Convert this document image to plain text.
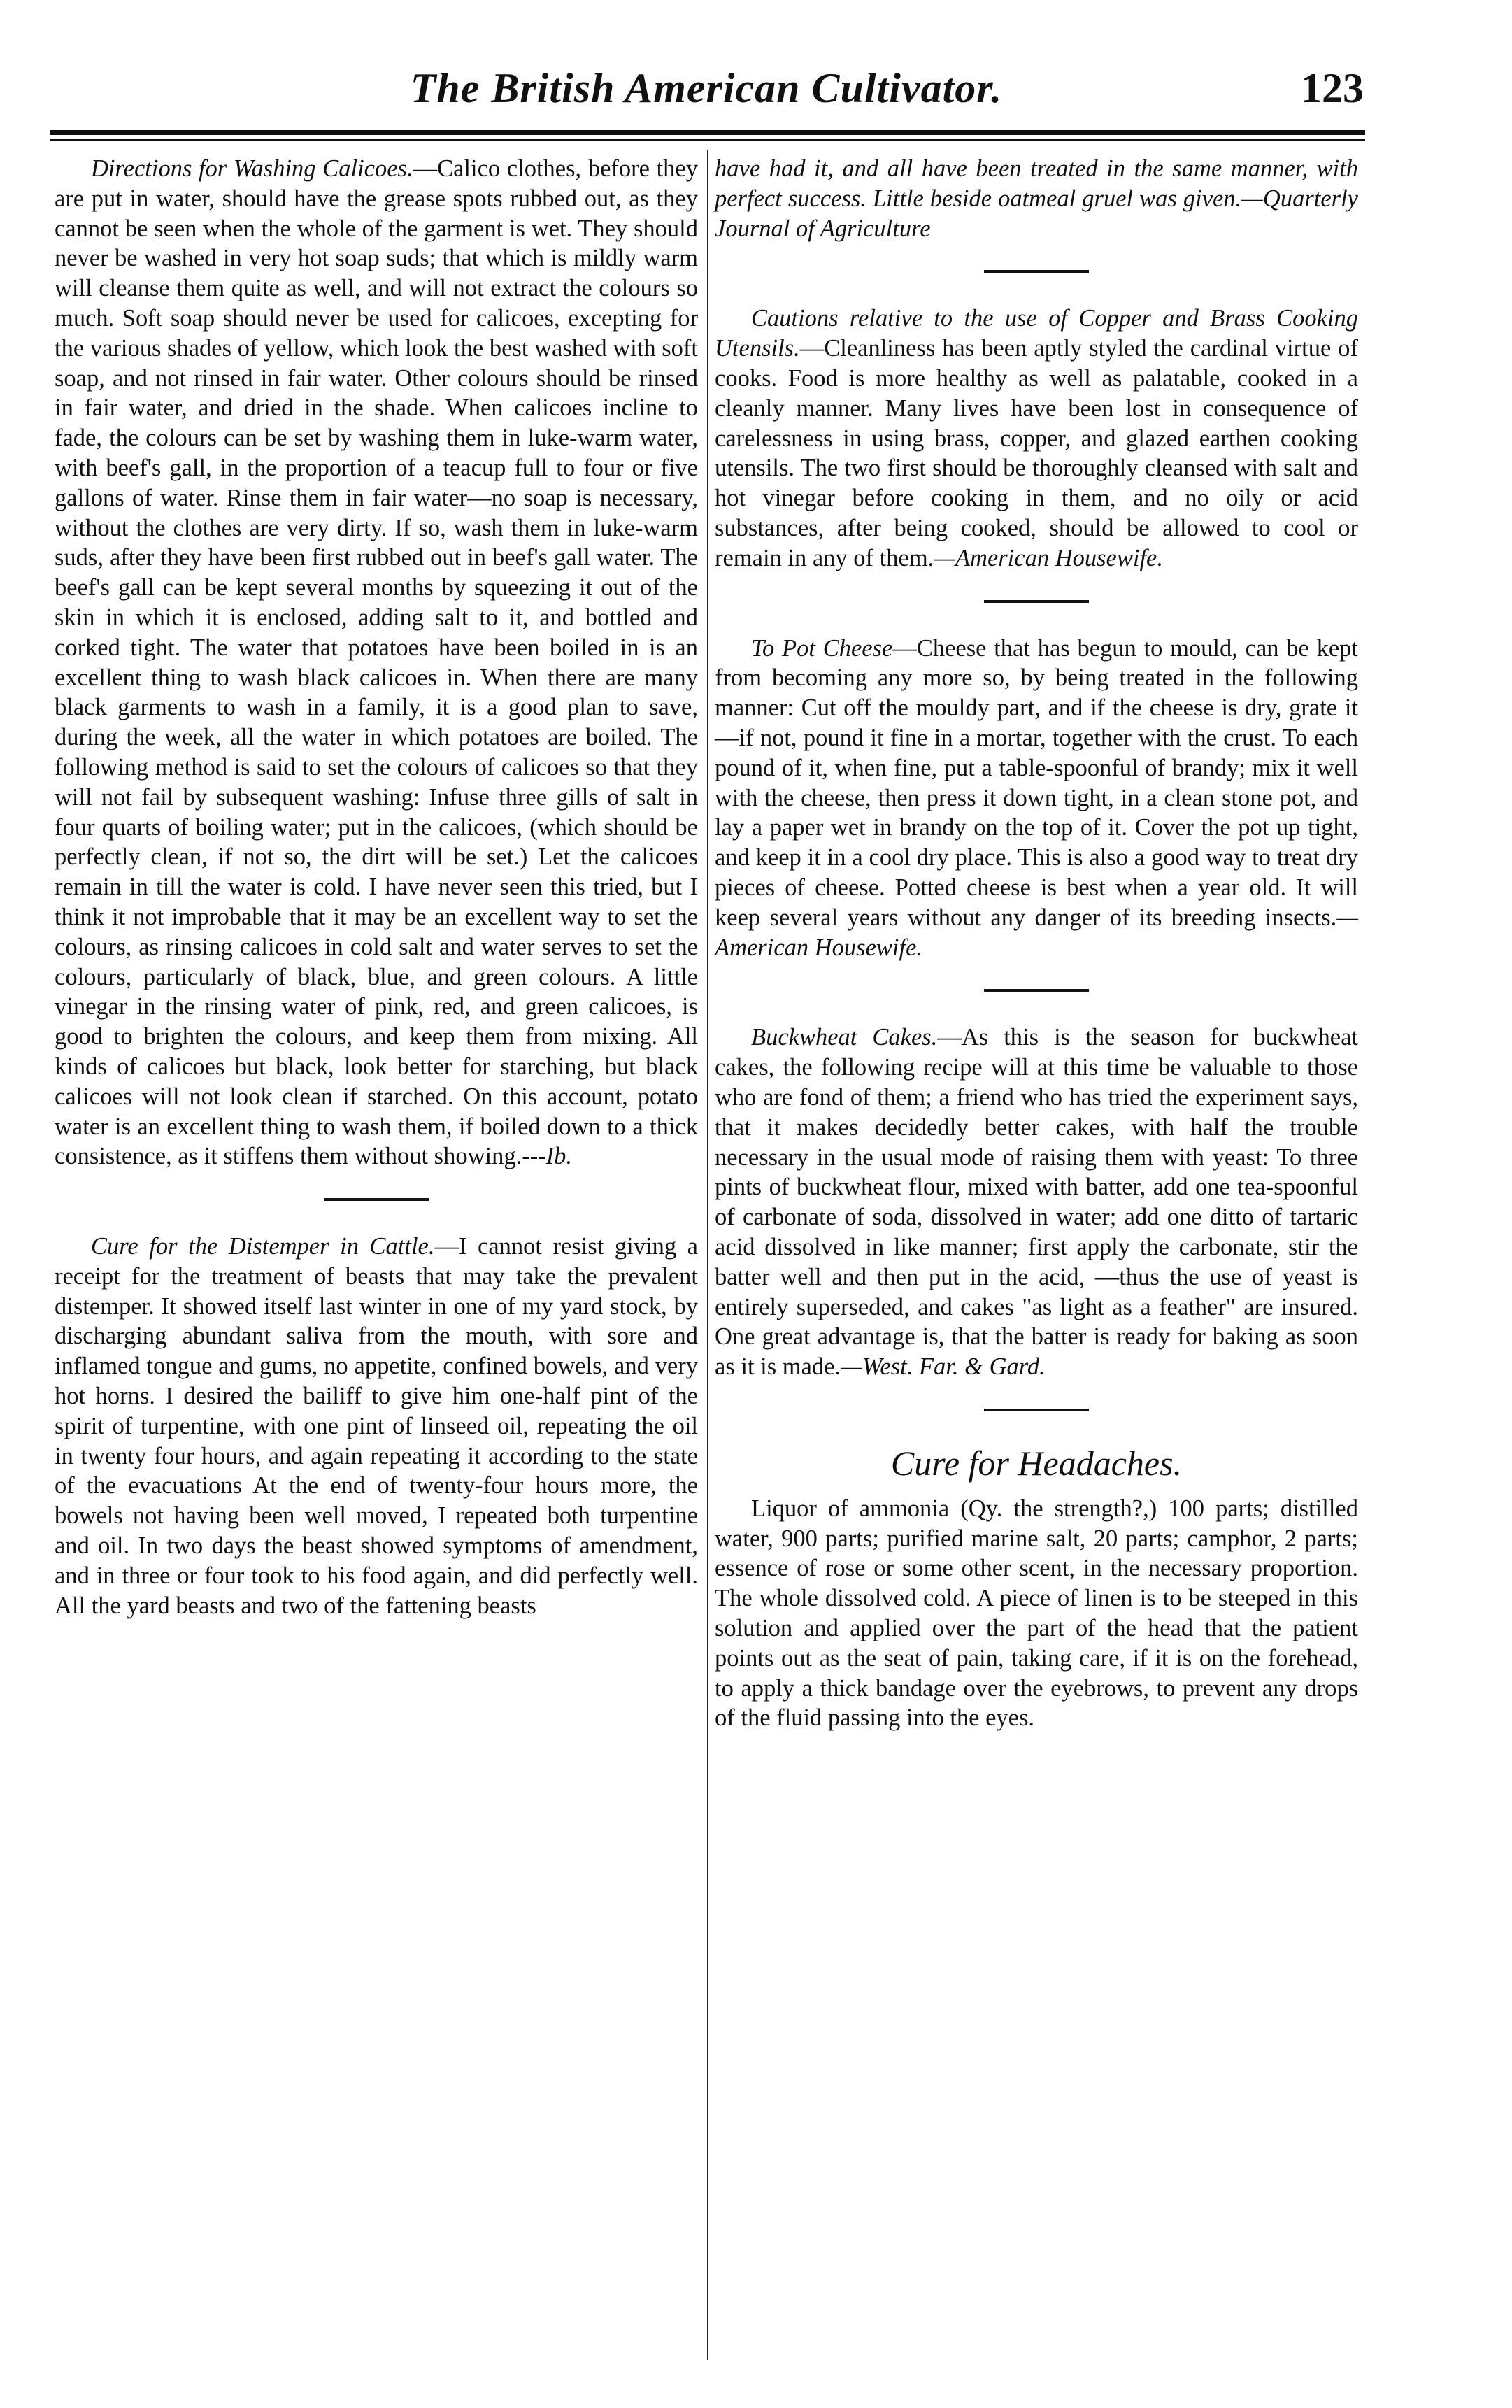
The British American Cultivator.	123

Directions for Washing Calicoes.—Calico clothes, before they are put in water, should have the grease spots rubbed out, as they cannot be seen when the whole of the garment is wet. They should never be washed in very hot soap suds; that which is mildly warm will cleanse them quite as well, and will not extract the colours so much. Soft soap should never be used for calicoes, excepting for the various shades of yellow, which look the best washed with soft soap, and not rinsed in fair water. Other colours should be rinsed in fair water, and dried in the shade. When calicoes incline to fade, the colours can be set by washing them in luke-warm water, with beef's gall, in the proportion of a teacup full to four or five gallons of water. Rinse them in fair water—no soap is necessary, without the clothes are very dirty. If so, wash them in luke-warm suds, after they have been first rubbed out in beef's gall water. The beef's gall can be kept several months by squeezing it out of the skin in which it is enclosed, adding salt to it, and bottled and corked tight. The water that potatoes have been boiled in is an excellent thing to wash black calicoes in. When there are many black garments to wash in a family, it is a good plan to save, during the week, all the water in which potatoes are boiled. The following method is said to set the colours of calicoes so that they will not fail by subsequent washing: Infuse three gills of salt in four quarts of boiling water; put in the calicoes, (which should be perfectly clean, if not so, the dirt will be set.) Let the calicoes remain in till the water is cold. I have never seen this tried, but I think it not improbable that it may be an excellent way to set the colours, as rinsing calicoes in cold salt and water serves to set the colours, particularly of black, blue, and green colours. A little vinegar in the rinsing water of pink, red, and green calicoes, is good to brighten the colours, and keep them from mixing. All kinds of calicoes but black, look better for starching, but black calicoes will not look clean if starched. On this account, potato water is an excellent thing to wash them, if boiled down to a thick consistence, as it stiffens them without showing.---Ib.

Cure for the Distemper in Cattle.—I cannot resist giving a receipt for the treatment of beasts that may take the prevalent distemper. It showed itself last winter in one of my yard stock, by discharging abundant saliva from the mouth, with sore and inflamed tongue and gums, no appetite, confined bowels, and very hot horns. I desired the bailiff to give him one-half pint of the spirit of turpentine, with one pint of linseed oil, repeating the oil in twenty four hours, and again repeating it according to the state of the evacuations At the end of twenty-four hours more, the bowels not having been well moved, I repeated both turpentine and oil. In two days the beast showed symptoms of amendment, and in three or four took to his food again, and did perfectly well. All the yard beasts and two of the fattening beasts

have had it, and all have been treated in the same manner, with perfect success. Little beside oatmeal gruel was given.—Quarterly Journal of Agriculture

Cautions relative to the use of Copper and Brass Cooking Utensils.—Cleanliness has been aptly styled the cardinal virtue of cooks. Food is more healthy as well as palatable, cooked in a cleanly manner. Many lives have been lost in consequence of carelessness in using brass, copper, and glazed earthen cooking utensils. The two first should be thoroughly cleansed with salt and hot vinegar before cooking in them, and no oily or acid substances, after being cooked, should be allowed to cool or remain in any of them.—American Housewife.

To Pot Cheese—Cheese that has begun to mould, can be kept from becoming any more so, by being treated in the following manner: Cut off the mouldy part, and if the cheese is dry, grate it—if not, pound it fine in a mortar, together with the crust. To each pound of it, when fine, put a table-spoonful of brandy; mix it well with the cheese, then press it down tight, in a clean stone pot, and lay a paper wet in brandy on the top of it. Cover the pot up tight, and keep it in a cool dry place. This is also a good way to treat dry pieces of cheese. Potted cheese is best when a year old. It will keep several years without any danger of its breeding insects.—American Housewife.

Buckwheat Cakes.—As this is the season for buckwheat cakes, the following recipe will at this time be valuable to those who are fond of them; a friend who has tried the experiment says, that it makes decidedly better cakes, with half the trouble necessary in the usual mode of raising them with yeast: To three pints of buckwheat flour, mixed with batter, add one tea-spoonful of carbonate of soda, dissolved in water; add one ditto of tartaric acid dissolved in like manner; first apply the carbonate, stir the batter well and then put in the acid, —thus the use of yeast is entirely superseded, and cakes "as light as a feather" are insured. One great advantage is, that the batter is ready for baking as soon as it is made.—West. Far. & Gard.

Cure for Headaches.

Liquor of ammonia (Qy. the strength?,) 100 parts; distilled water, 900 parts; purified marine salt, 20 parts; camphor, 2 parts; essence of rose or some other scent, in the necessary proportion. The whole dissolved cold. A piece of linen is to be steeped in this solution and applied over the part of the head that the patient points out as the seat of pain, taking care, if it is on the forehead, to apply a thick bandage over the eyebrows, to prevent any drops of the fluid passing into the eyes.
